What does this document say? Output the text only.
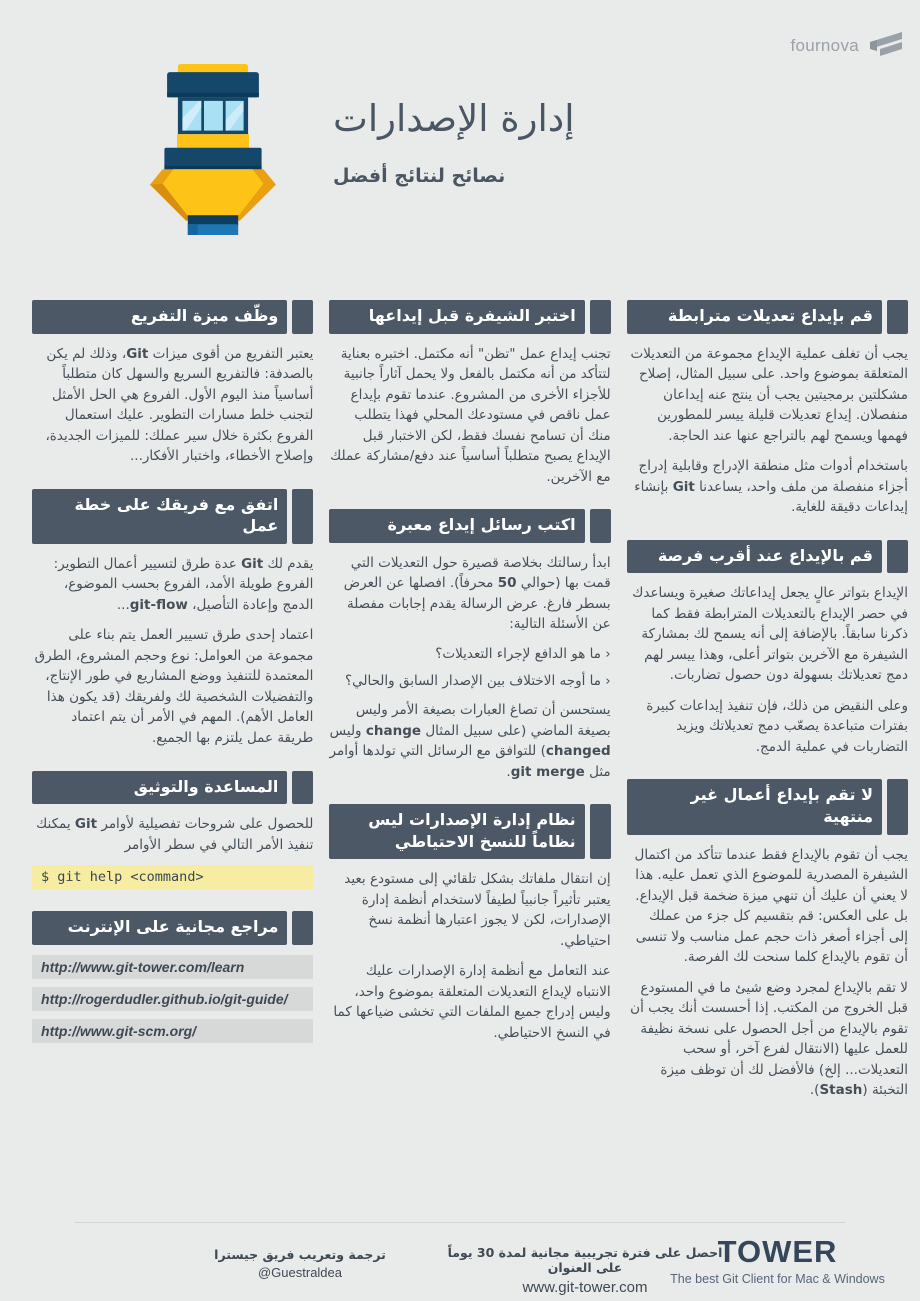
fournova
إدارة الإصدارات
نصائح لنتائج أفضل
قم بإيداع تعديلات مترابطة

يجب أن تغلف عملية الإيداع مجموعة من التعديلات المتعلقة بموضوع واحد. على سبيل المثال، إصلاح مشكلتين برمجيتين يجب أن ينتج عنه إيداعان منفصلان. إيداع تعديلات قليلة ييسر للمطورين فهمها ويسمح لهم بالتراجع عنها عند الحاجة.

باستخدام أدوات مثل منطقة الإدراج وقابلية إدراج أجزاء منفصلة من ملف واحد، يساعدنا Git بإنشاء إيداعات دقيقة للغاية.

قم بالإيداع عند أقرب فرصة

الإيداع بتواتر عالٍ يجعل إيداعاتك صغيرة ويساعدك في حصر الإيداع بالتعديلات المترابطة فقط كما ذكرنا سابقاً. بالإضافة إلى أنه يسمح لك بمشاركة الشيفرة مع الآخرين بتواتر أعلى، وهذا ييسر لهم دمج تعديلاتك بسهولة دون حصول تضاربات.

وعلى النقيض من ذلك، فإن تنفيذ إيداعات كبيرة بفترات متباعدة يصعّب دمج تعديلاتك ويزيد التضاربات في عملية الدمج.

لا تقم بإيداع أعمال غير منتهية

يجب أن تقوم بالإيداع فقط عندما تتأكد من اكتمال الشيفرة المصدرية للموضوع الذي تعمل عليه. هذا لا يعني أن عليك أن تنهي ميزة ضخمة قبل الإيداع. بل على العكس: قم بتقسيم كل جزء من عملك إلى أجزاء أصغر ذات حجم عمل مناسب ولا تنسى أن تقوم بالإيداع كلما سنحت لك الفرصة.

لا تقم بالإيداع لمجرد وضع شيئ ما في المستودع قبل الخروج من المكتب. إذا أحسست أنك يجب أن تقوم بالإيداع من أجل الحصول على نسخة نظيفة للعمل عليها (الانتقال لفرع آخر، أو سحب التعديلات... إلخ) فالأفضل لك أن توظف ميزة التخبئة (Stash).

اختبر الشيفرة قبل إيداعها

تجنب إيداع عمل "تظن" أنه مكتمل. اختبره بعناية لتتأكد من أنه مكتمل بالفعل ولا يحمل آثاراً جانبية للأجزاء الأخرى من المشروع. عندما تقوم بإيداع عمل ناقص في مستودعك المحلي فهذا يتطلب منك أن تسامح نفسك فقط، لكن الاختبار قبل الإيداع يصبح متطلباً أساسياً عند دفع/مشاركة عملك مع الآخرين.

اكتب رسائل إيداع معبرة

ابدأ رسالتك بخلاصة قصيرة حول التعديلات التي قمت بها (حوالي 50 محرفاً). افصلها عن العرض بسطر فارغ. عرض الرسالة يقدم إجابات مفصلة عن الأسئلة التالية:

‹ ما هو الدافع لإجراء التعديلات؟
‹ ما أوجه الاختلاف بين الإصدار السابق والحالي؟

يستحسن أن تصاغ العبارات بصيغة الأمر وليس بصيغة الماضي (على سبيل المثال change وليس changed) للتوافق مع الرسائل التي تولدها أوامر مثل git merge.

نظام إدارة الإصدارات ليس نظاماً للنسخ الاحتياطي

إن انتقال ملفاتك بشكل تلقائي إلى مستودع بعيد يعتبر تأثيراً جانبياً لطيفاً لاستخدام أنظمة إدارة الإصدارات، لكن لا يجوز اعتبارها أنظمة نسخ احتياطي.

عند التعامل مع أنظمة إدارة الإصدارات عليك الانتباه لإيداع التعديلات المتعلقة بموضوع واحد، وليس إدراج جميع الملفات التي تخشى ضياعها كما في النسخ الاحتياطي.

وظّف ميزة التفريع

يعتبر التفريع من أقوى ميزات Git، وذلك لم يكن بالصدفة: فالتفريع السريع والسهل كان متطلباً أساسياً منذ اليوم الأول. الفروع هي الحل الأمثل لتجنب خلط مسارات التطوير. عليك استعمال الفروع بكثرة خلال سير عملك: للميزات الجديدة، وإصلاح الأخطاء، واختبار الأفكار...

اتفق مع فريقك على خطة عمل

يقدم لك Git عدة طرق لتسيير أعمال التطوير: الفروع طويلة الأمد، الفروع بحسب الموضوع، الدمج وإعادة التأصيل، git-flow...

اعتماد إحدى طرق تسيير العمل يتم بناء على مجموعة من العوامل: نوع وحجم المشروع، الطرق المعتمدة للتنفيذ ووضع المشاريع في طور الإنتاج، والتفضيلات الشخصية لك ولفريقك (قد يكون هذا العامل الأهم). المهم في الأمر أن يتم اعتماد طريقة عمل يلتزم بها الجميع.

المساعدة والتوثيق

للحصول على شروحات تفصيلية لأوامر Git يمكنك تنفيذ الأمر التالي في سطر الأوامر

$ git help <command>
مراجع مجانية على الإنترنت
http://www.git-tower.com/learn
http://rogerdudler.github.io/git-guide/
http://www.git-scm.org/
ترجمة وتعريب فريق جيسترا
@Guestraldea
احصل على فترة تجريبية مجانية لمدة 30 يوماً على العنوان
www.git-tower.com
TOWER
The best Git Client for Mac & Windows
